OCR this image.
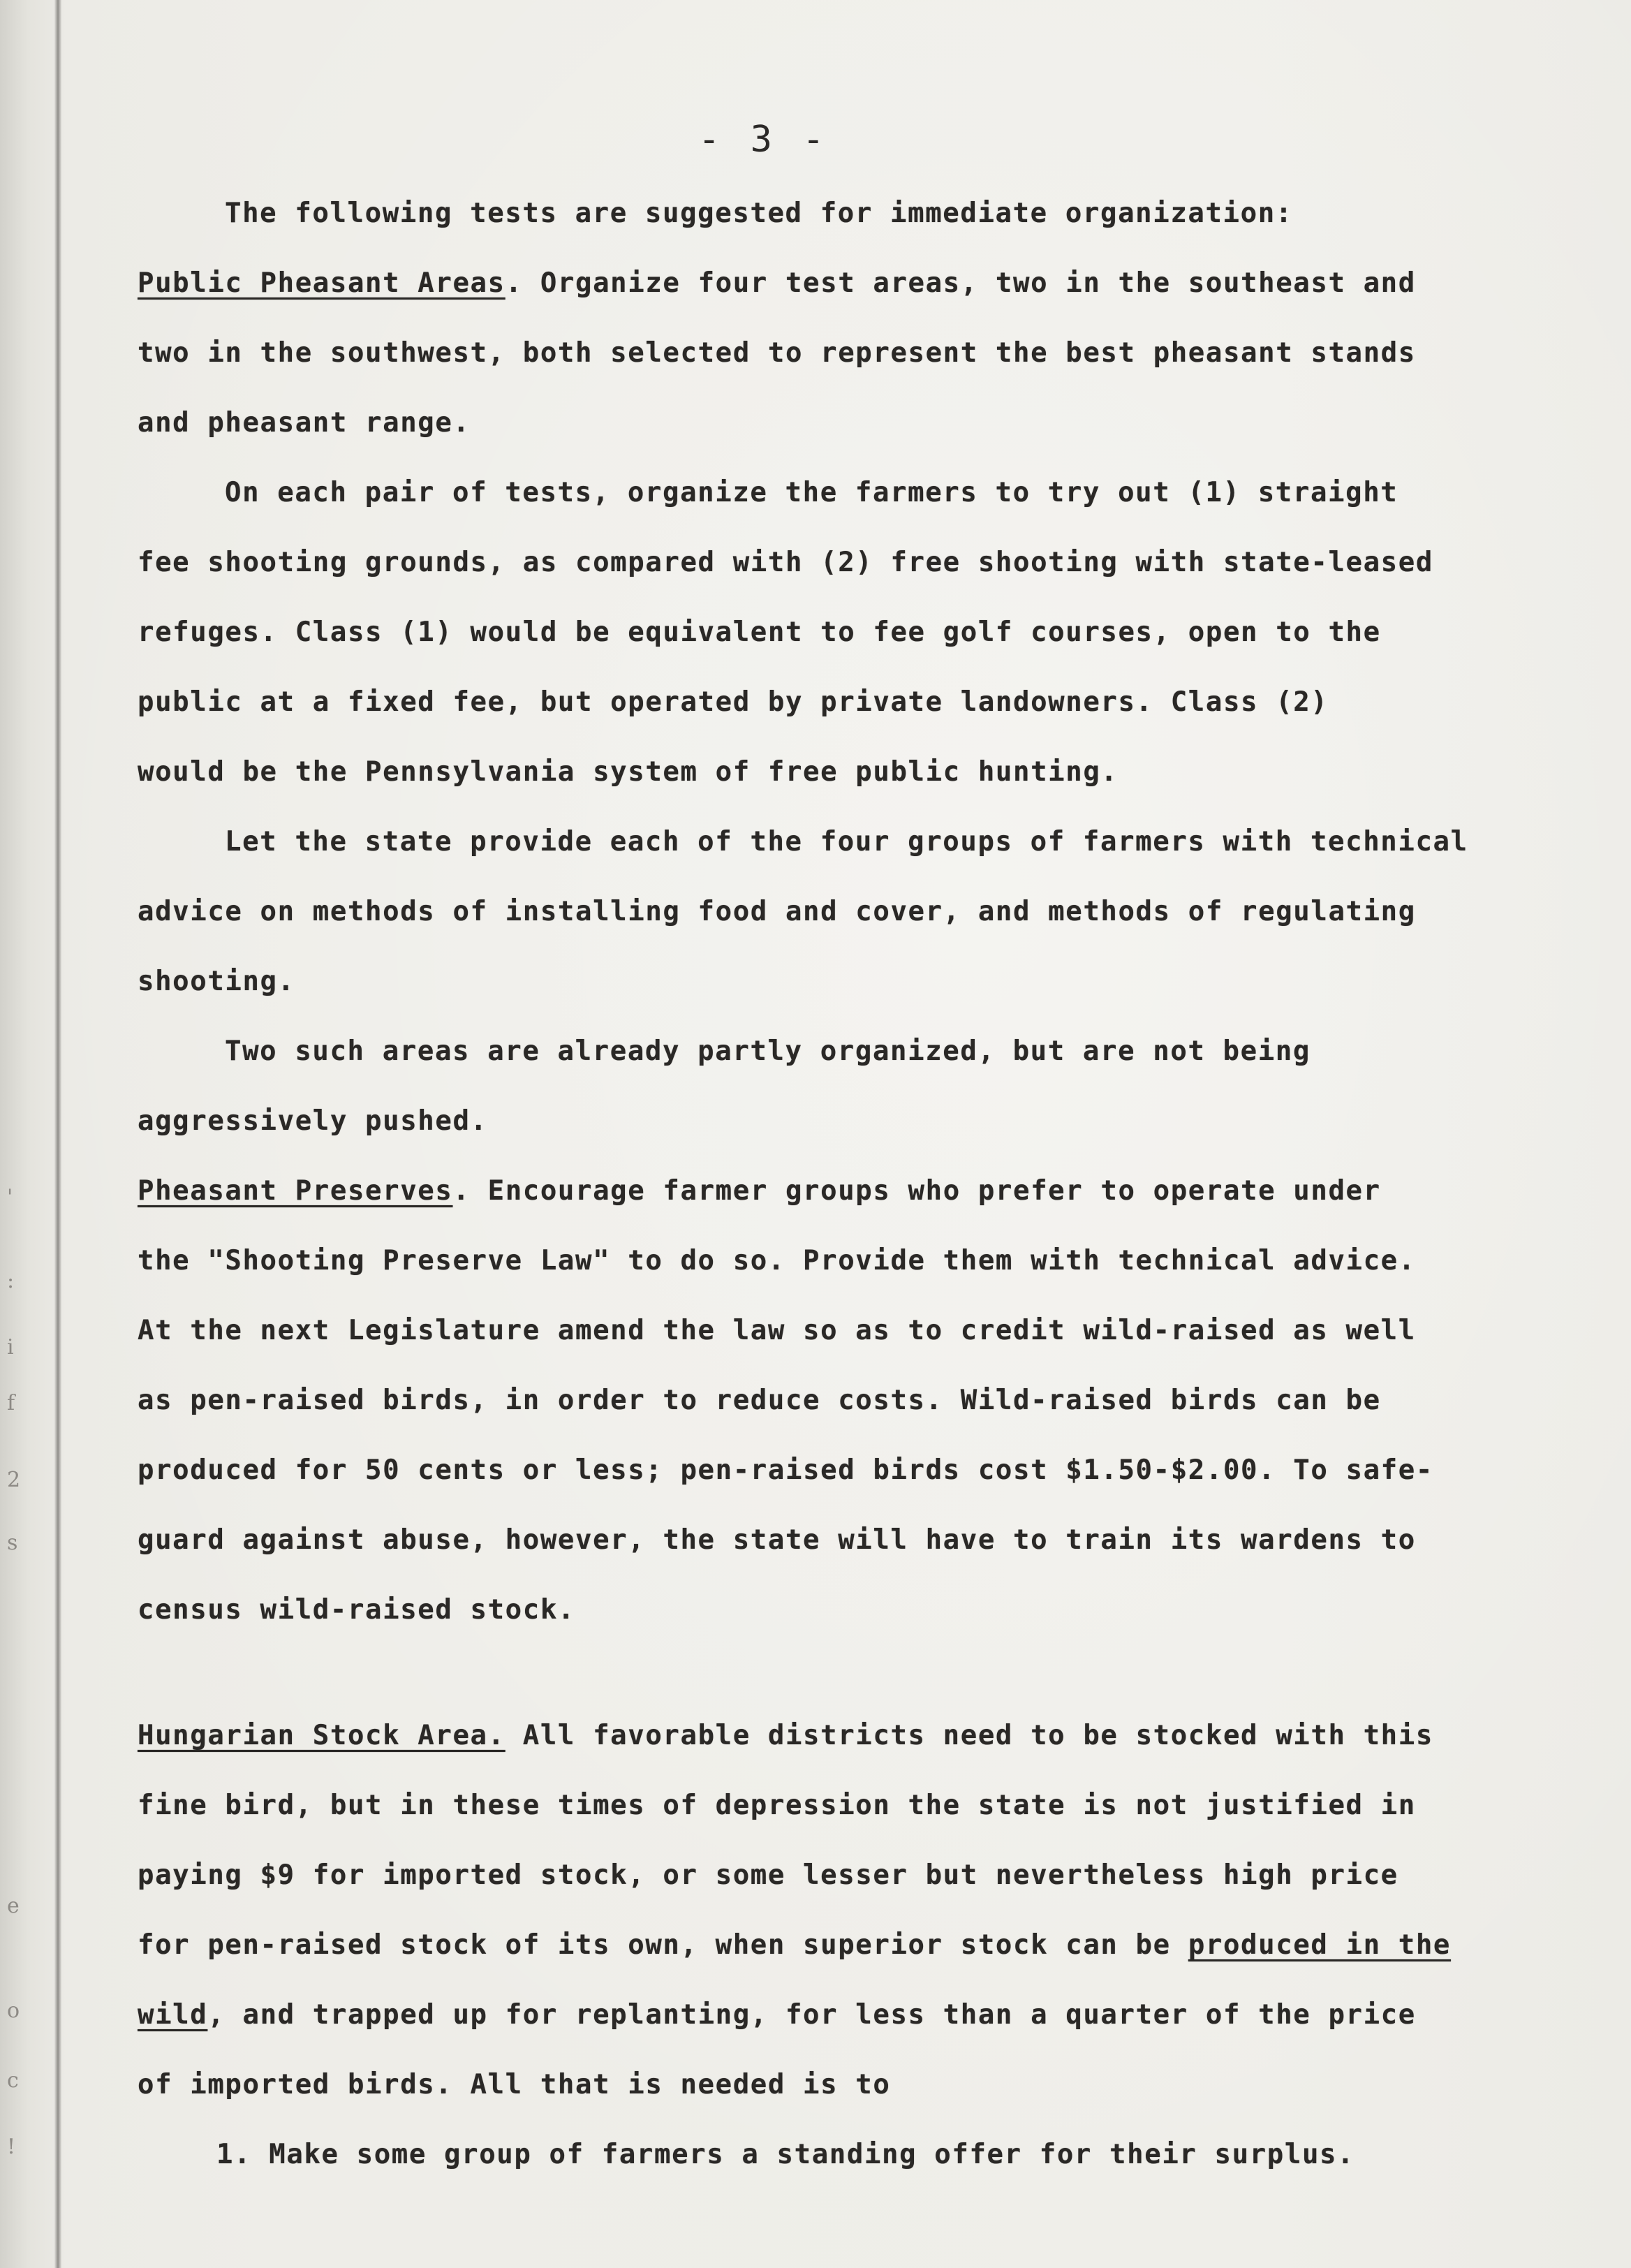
'
:
i
f
2
s
e
o
c
!
- 3 -
The following tests are suggested for immediate organization:
Public Pheasant Areas. Organize four test areas, two in the southeast and
two in the southwest, both selected to represent the best pheasant stands
and pheasant range.
On each pair of tests, organize the farmers to try out (1) straight
fee shooting grounds, as compared with (2) free shooting with state-leased
refuges. Class (1) would be equivalent to fee golf courses, open to the
public at a fixed fee, but operated by private landowners. Class (2)
would be the Pennsylvania system of free public hunting.
Let the state provide each of the four groups of farmers with technical
advice on methods of installing food and cover, and methods of regulating
shooting.
Two such areas are already partly organized, but are not being
aggressively pushed.
Pheasant Preserves. Encourage farmer groups who prefer to operate under
the "Shooting Preserve Law" to do so. Provide them with technical advice.
At the next Legislature amend the law so as to credit wild-raised as well
as pen-raised birds, in order to reduce costs. Wild-raised birds can be
produced for 50 cents or less; pen-raised birds cost $1.50-$2.00. To safe-
guard against abuse, however, the state will have to train its wardens to
census wild-raised stock.
Hungarian Stock Area. All favorable districts need to be stocked with this
fine bird, but in these times of depression the state is not justified in
paying $9 for imported stock, or some lesser but nevertheless high price
for pen-raised stock of its own, when superior stock can be produced in the
wild, and trapped up for replanting, for less than a quarter of the price
of imported birds. All that is needed is to
1. Make some group of farmers a standing offer for their surplus.
